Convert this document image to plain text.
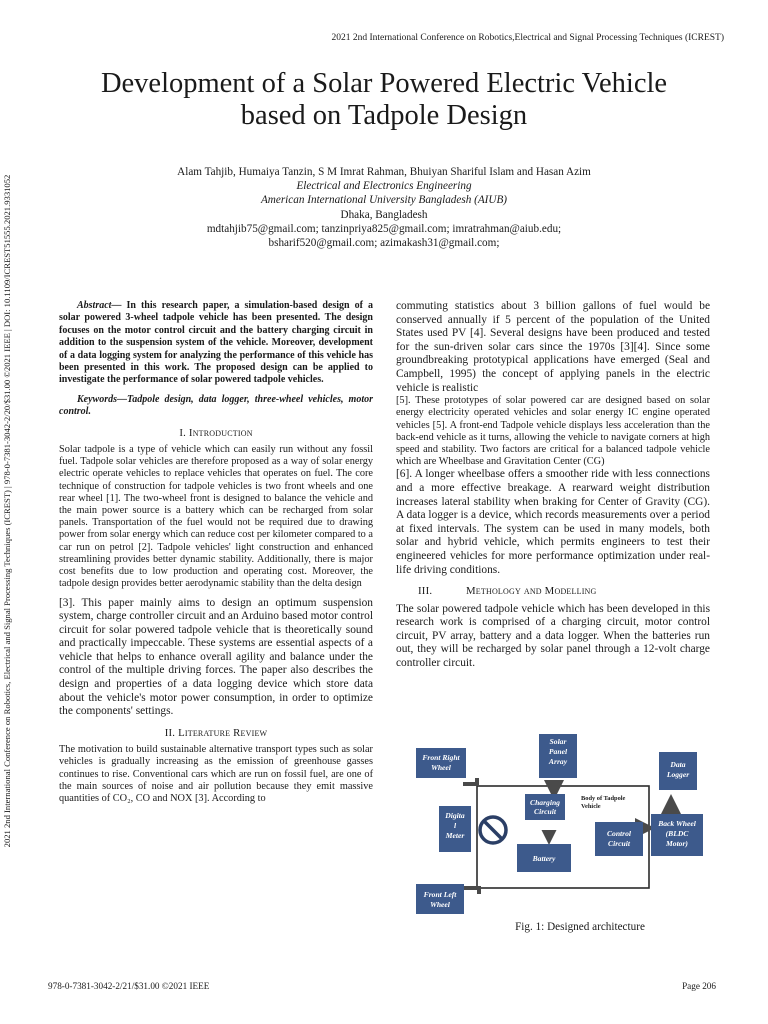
2021 2nd International Conference on Robotics,Electrical and Signal Processing Techniques (ICREST)
2021 2nd International Conference on Robotics, Electrical and Signal Processing Techniques (ICREST) | 978-0-7381-3042-2/20/$31.00 ©2021 IEEE | DOI: 10.1109/ICREST51555.2021.9331052
Development of a Solar Powered Electric Vehicle
based on Tadpole Design
Alam Tahjib, Humaiya Tanzin, S M Imrat Rahman, Bhuiyan Shariful Islam and Hasan Azim
Electrical and Electronics Engineering
American International University Bangladesh (AIUB)
Dhaka, Bangladesh
mdtahjib75@gmail.com; tanzinpriya825@gmail.com; imratrahman@aiub.edu;
bsharif520@gmail.com; azimakash31@gmail.com;

Abstract— In this research paper, a simulation-based design of a solar powered 3-wheel tadpole vehicle has been presented. The design focuses on the motor control circuit and the battery charging circuit in addition to the suspension system of the vehicle. Moreover, development of a data logging system for analyzing the performance of this vehicle has been presented in this work. The proposed design can be applied to investigate the performance of solar powered tadpole vehicles.

Keywords—Tadpole design, data logger, three-wheel vehicles, motor control.

I. Introduction

Solar tadpole is a type of vehicle which can easily run without any fossil fuel. Tadpole solar vehicles are therefore proposed as a way of solar energy electric operate vehicles to replace vehicles that operates on fuel. The core technique of construction for tadpole vehicles is two front wheels and one rear wheel [1]. The two-wheel front is designed to balance the vehicle and the main power source is a battery which can be recharged from solar panels. Transportation of the fuel would not be required due to drawing power from solar energy which can reduce cost per kilometer compared to a car run on petrol [2]. Tadpole vehicles' light construction and enhanced streamlining provides better dynamic stability. Additionally, there is major cost benefits due to low production and operating cost. Moreover, the tadpole design provides better aerodynamic stability than the delta design

[3]. This paper mainly aims to design an optimum suspension system, charge controller circuit and an Arduino based motor control circuit for solar powered tadpole vehicle that is theoretically sound and practically impeccable. These systems are essential aspects of a vehicle that helps to enhance overall agility and balance under the control of the multiple driving forces. The paper also describes the design and properties of a data logging device which store data about the vehicle's motor power consumption, in order to optimize the components' settings.

II. Literature Review

The motivation to build sustainable alternative transport types such as solar vehicles is gradually increasing as the emission of greenhouse gasses continues to rise. Conventional cars which are run on fossil fuel, are one of the main sources of noise and air pollution because they emit massive quantities of CO₂, CO and NOX [3]. According to

commuting statistics about 3 billion gallons of fuel would be conserved annually if 5 percent of the population of the United States used PV [4]. Several designs have been produced and tested for the sun-driven solar cars since the 1970s [3][4]. Since some groundbreaking prototypical applications have emerged (Seal and Campbell, 1995) the concept of applying panels in the electric vehicle is realistic

[5]. These prototypes of solar powered car are designed based on solar energy electricity operated vehicles and solar energy IC engine operated vehicles [5]. A front-end Tadpole vehicle displays less acceleration than the back-end vehicle as it turns, allowing the vehicle to navigate corners at high speed and stability. Two factors are critical for a balanced tadpole vehicle which are Wheelbase and Gravitation Center (CG)

[6]. A longer wheelbase offers a smoother ride with less connections and a more effective breakage. A rearward weight distribution increases lateral stability when braking for Center of Gravity (CG). A data logger is a device, which records measurements over a period at fixed intervals. The system can be used in many models, both solar and hybrid vehicle, which permits engineers to test their engineered vehicles for more performance optimization under real-life driving conditions.

III.	Methology and Modelling

The solar powered tadpole vehicle which has been developed in this research work is comprised of a charging circuit, motor control circuit, PV array, battery and a data logger. When the batteries run out, they will be recharged by solar panel through a 12-volt charge controller circuit.

Solar Panel Array
Front Right Wheel	Data Logger
Charging Circuit
Body of Tadpole Vehicle
Back Wheel (BLDC Motor)
Digita l Meter	Control Circuit
Battery
Front Left Wheel
Fig. 1: Designed architecture
978-0-7381-3042-2/21/$31.00 ©2021 IEEE	Page 206
